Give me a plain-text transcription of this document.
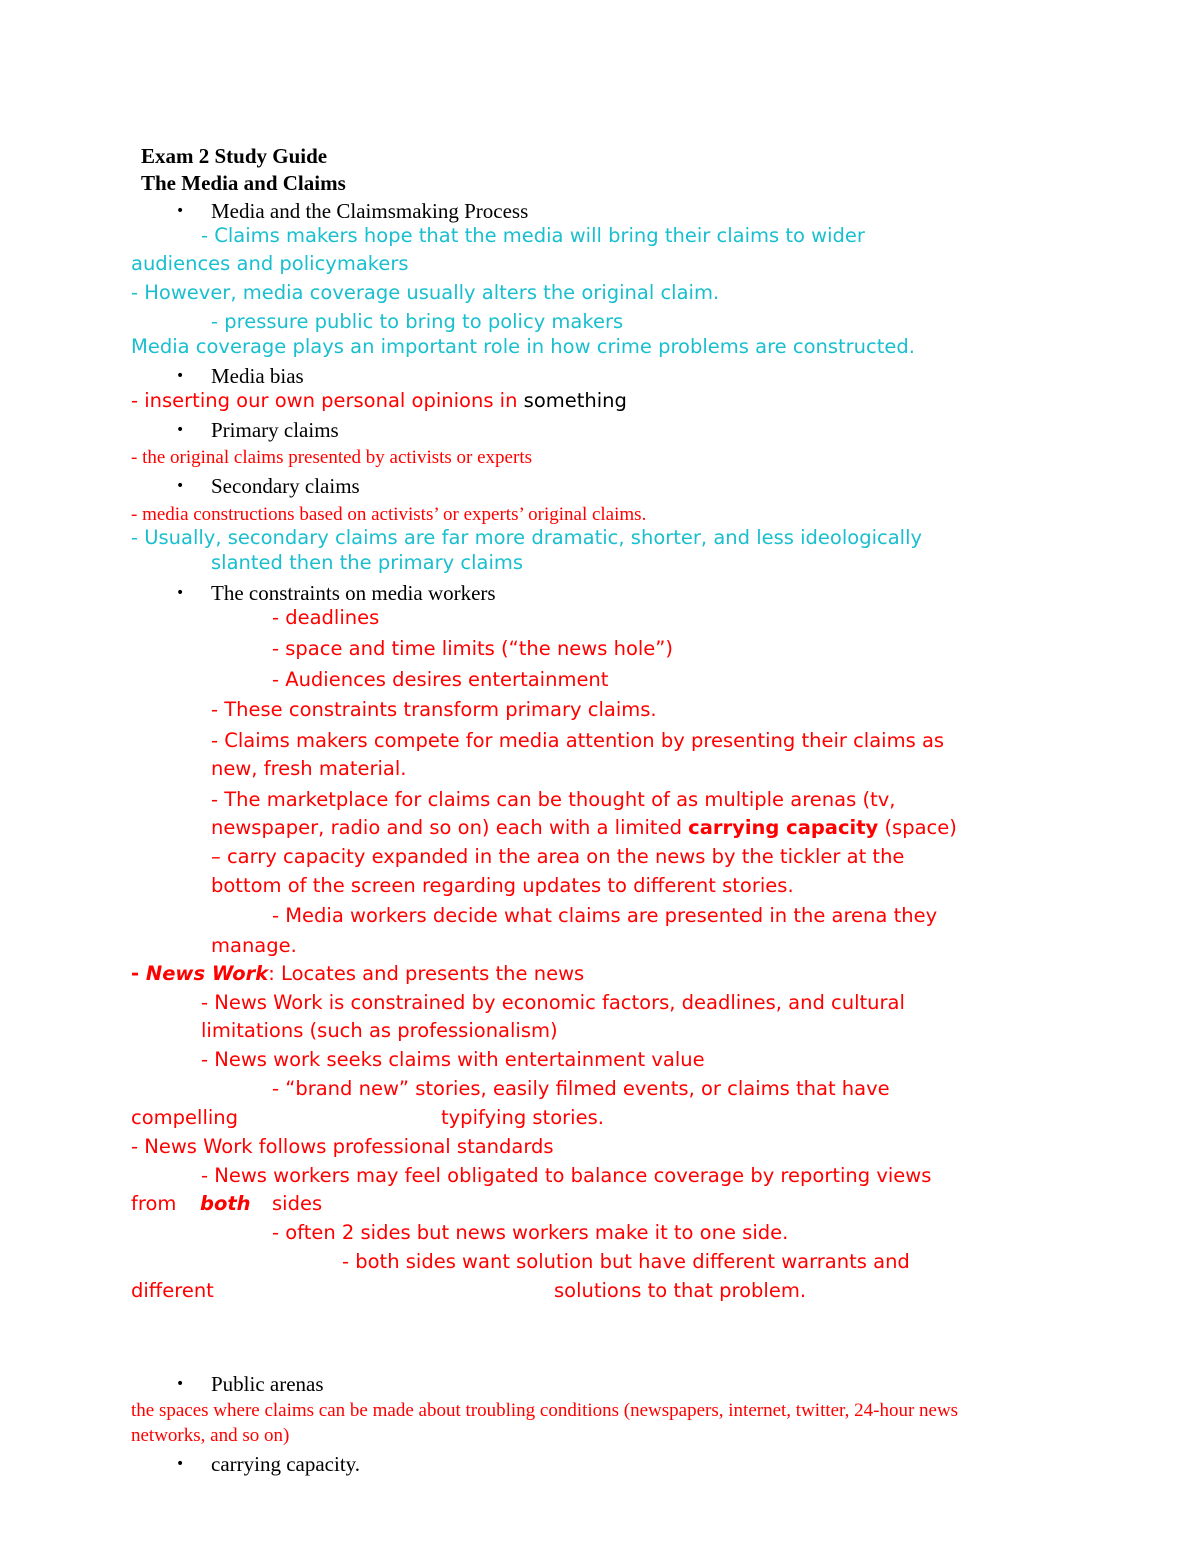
Exam 2 Study Guide
The Media and Claims
• Media and the Claimsmaking Process
- Claims makers hope that the media will bring their claims to wider
audiences and policymakers
- However, media coverage usually alters the original claim.
- pressure public to bring to policy makers
Media coverage plays an important role in how crime problems are constructed.
• Media bias
- inserting our own personal opinions in something
• Primary claims
- the original claims presented by activists or experts
• Secondary claims
- media constructions based on activists’ or experts’ original claims.
- Usually, secondary claims are far more dramatic, shorter, and less ideologically
slanted then the primary claims
• The constraints on media workers
- deadlines
- space and time limits (“the news hole”)
- Audiences desires entertainment
- These constraints transform primary claims.
- Claims makers compete for media attention by presenting their claims as
new, fresh material.
- The marketplace for claims can be thought of as multiple arenas (tv,
newspaper, radio and so on) each with a limited carrying capacity (space)
– carry capacity expanded in the area on the news by the tickler at the
bottom of the screen regarding updates to different stories.
- Media workers decide what claims are presented in the arena they
manage.
- News Work: Locates and presents the news
- News Work is constrained by economic factors, deadlines, and cultural
limitations (such as professionalism)
- News work seeks claims with entertainment value
- “brand new” stories, easily filmed events, or claims that have
compelling	typifying stories.
- News Work follows professional standards
- News workers may feel obligated to balance coverage by reporting views
from both sides
- often 2 sides but news workers make it to one side.
- both sides want solution but have different warrants and
different	solutions to that problem.
• Public arenas
the spaces where claims can be made about troubling conditions (newspapers, internet, twitter, 24-hour news
networks, and so on)
• carrying capacity.
